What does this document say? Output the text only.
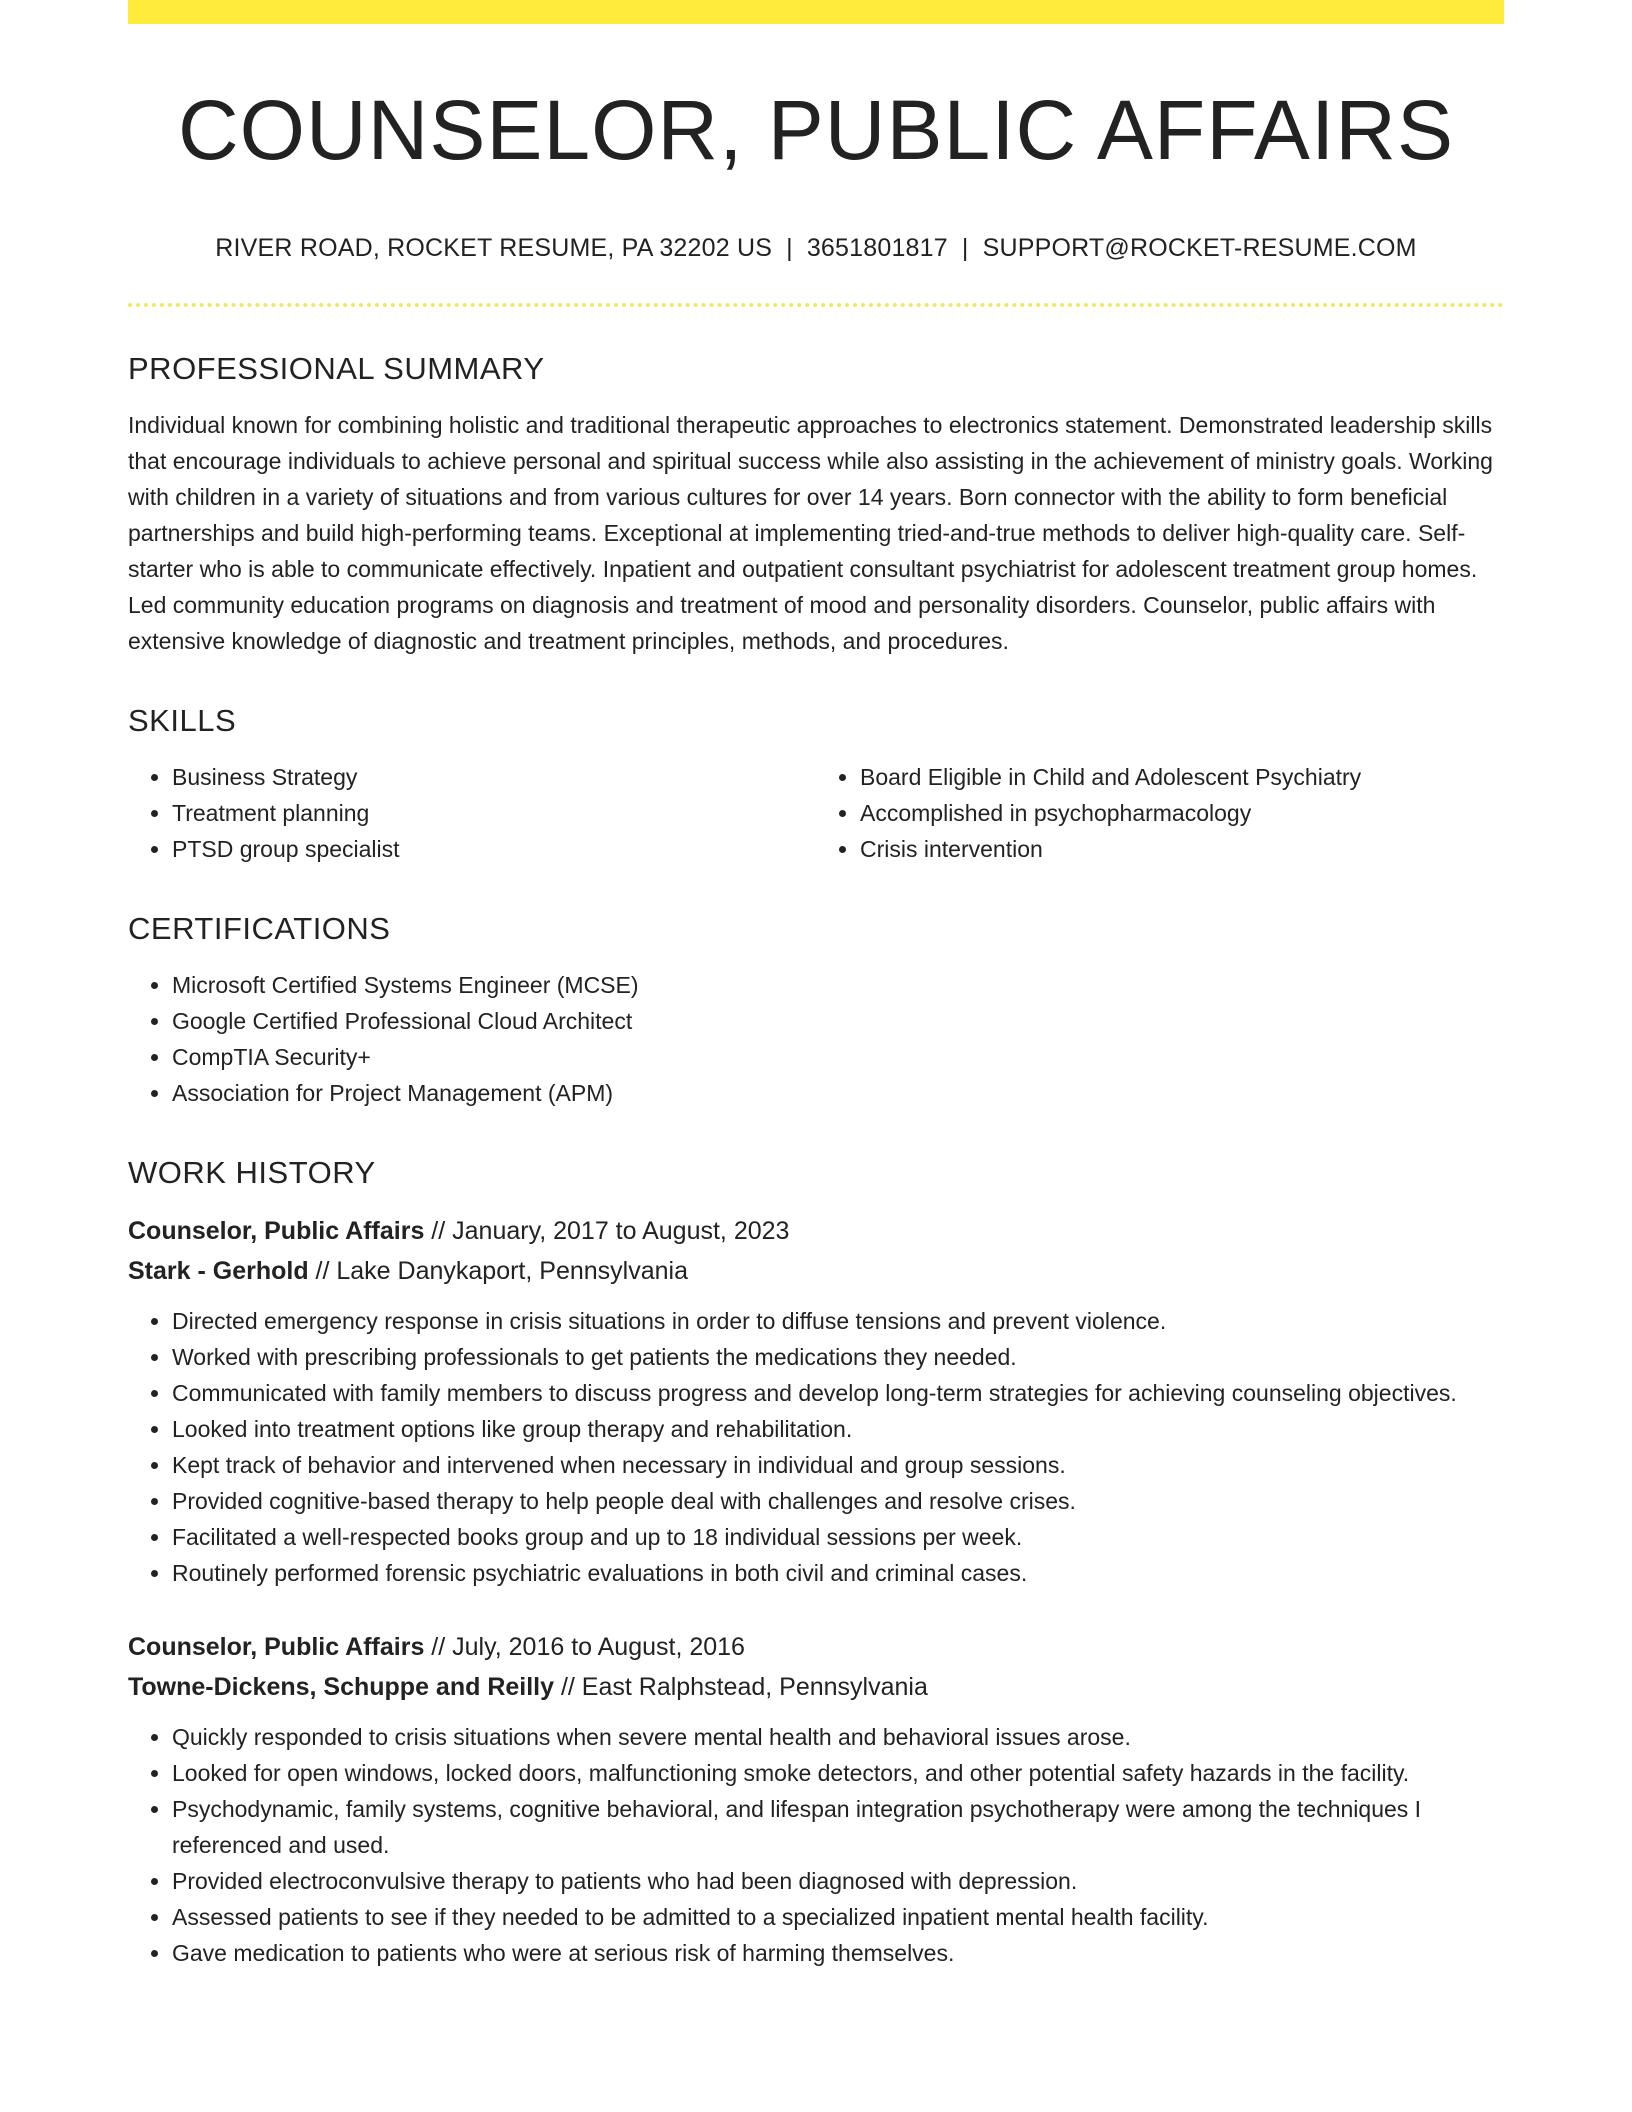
COUNSELOR, PUBLIC AFFAIRS
RIVER ROAD, ROCKET RESUME, PA 32202 US | 3651801817 | SUPPORT@ROCKET-RESUME.COM
PROFESSIONAL SUMMARY

Individual known for combining holistic and traditional therapeutic approaches to electronics statement. Demonstrated leadership skills that encourage individuals to achieve personal and spiritual success while also assisting in the achievement of ministry goals. Working with children in a variety of situations and from various cultures for over 14 years. Born connector with the ability to form beneficial partnerships and build high-performing teams. Exceptional at implementing tried-and-true methods to deliver high-quality care. Self-starter who is able to communicate effectively. Inpatient and outpatient consultant psychiatrist for adolescent treatment group homes. Led community education programs on diagnosis and treatment of mood and personality disorders. Counselor, public affairs with extensive knowledge of diagnostic and treatment principles, methods, and procedures.

SKILLS
• Business Strategy
• Treatment planning
• PTSD group specialist
• Board Eligible in Child and Adolescent Psychiatry
• Accomplished in psychopharmacology
• Crisis intervention
CERTIFICATIONS
• Microsoft Certified Systems Engineer (MCSE)
• Google Certified Professional Cloud Architect
• CompTIA Security+
• Association for Project Management (APM)
WORK HISTORY
Counselor, Public Affairs // January, 2017 to August, 2023
Stark - Gerhold // Lake Danykaport, Pennsylvania
• Directed emergency response in crisis situations in order to diffuse tensions and prevent violence.
• Worked with prescribing professionals to get patients the medications they needed.
• Communicated with family members to discuss progress and develop long-term strategies for achieving counseling objectives.
• Looked into treatment options like group therapy and rehabilitation.
• Kept track of behavior and intervened when necessary in individual and group sessions.
• Provided cognitive-based therapy to help people deal with challenges and resolve crises.
• Facilitated a well-respected books group and up to 18 individual sessions per week.
• Routinely performed forensic psychiatric evaluations in both civil and criminal cases.
Counselor, Public Affairs // July, 2016 to August, 2016
Towne-Dickens, Schuppe and Reilly // East Ralphstead, Pennsylvania
• Quickly responded to crisis situations when severe mental health and behavioral issues arose.
• Looked for open windows, locked doors, malfunctioning smoke detectors, and other potential safety hazards in the facility.
• Psychodynamic, family systems, cognitive behavioral, and lifespan integration psychotherapy were among the techniques I referenced and used.
• Provided electroconvulsive therapy to patients who had been diagnosed with depression.
• Assessed patients to see if they needed to be admitted to a specialized inpatient mental health facility.
• Gave medication to patients who were at serious risk of harming themselves.
